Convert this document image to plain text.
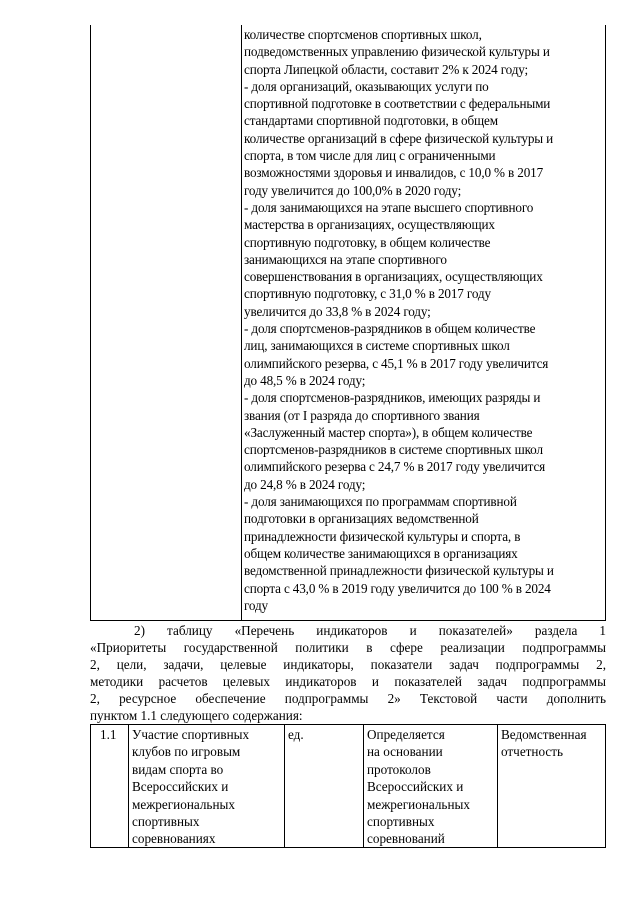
количестве спортсменов спортивных школ,
подведомственных управлению физической культуры и
спорта Липецкой области, составит 2% к 2024 году;
- доля организаций, оказывающих услуги по
спортивной подготовке в соответствии с федеральными
стандартами спортивной подготовки, в общем
количестве организаций в сфере физической культуры и
спорта, в том числе для лиц с ограниченными
возможностями здоровья и инвалидов, с 10,0 % в 2017
году увеличится до 100,0% в 2020 году;
- доля занимающихся на этапе высшего спортивного
мастерства в организациях, осуществляющих
спортивную подготовку, в общем количестве
занимающихся на этапе спортивного
совершенствования в организациях, осуществляющих
спортивную подготовку, с 31,0 % в 2017 году
увеличится до 33,8 % в 2024 году;
- доля спортсменов-разрядников в общем количестве
лиц, занимающихся в системе спортивных школ
олимпийского резерва, с 45,1 % в 2017 году увеличится
до 48,5 % в 2024 году;
- доля спортсменов-разрядников, имеющих разряды и
звания (от I разряда до спортивного звания
«Заслуженный мастер спорта»), в общем количестве
спортсменов-разрядников в системе спортивных школ
олимпийского резерва с 24,7 % в 2017 году увеличится
до 24,8 % в 2024 году;
- доля занимающихся по программам спортивной
подготовки в организациях ведомственной
принадлежности физической культуры и спорта, в
общем количестве занимающихся в организациях
ведомственной принадлежности физической культуры и
спорта с 43,0 % в 2019 году увеличится до 100 % в 2024
году
2) таблицу «Перечень индикаторов и показателей» раздела 1
«Приоритеты государственной политики в сфере реализации подпрограммы
2, цели, задачи, целевые индикаторы, показатели задач подпрограммы 2,
методики расчетов целевых индикаторов и показателей задач подпрограммы
2, ресурсное обеспечение подпрограммы 2» Текстовой части дополнить
пунктом 1.1 следующего содержания:
1.1 Участие спортивных
клубов по игровым
видам спорта во
Всероссийских и
межрегиональных
спортивных
соревнованиях
ед.	Определяется
на основании
протоколов
Всероссийских и
межрегиональных
спортивных
соревнований
Ведомственная
отчетность
